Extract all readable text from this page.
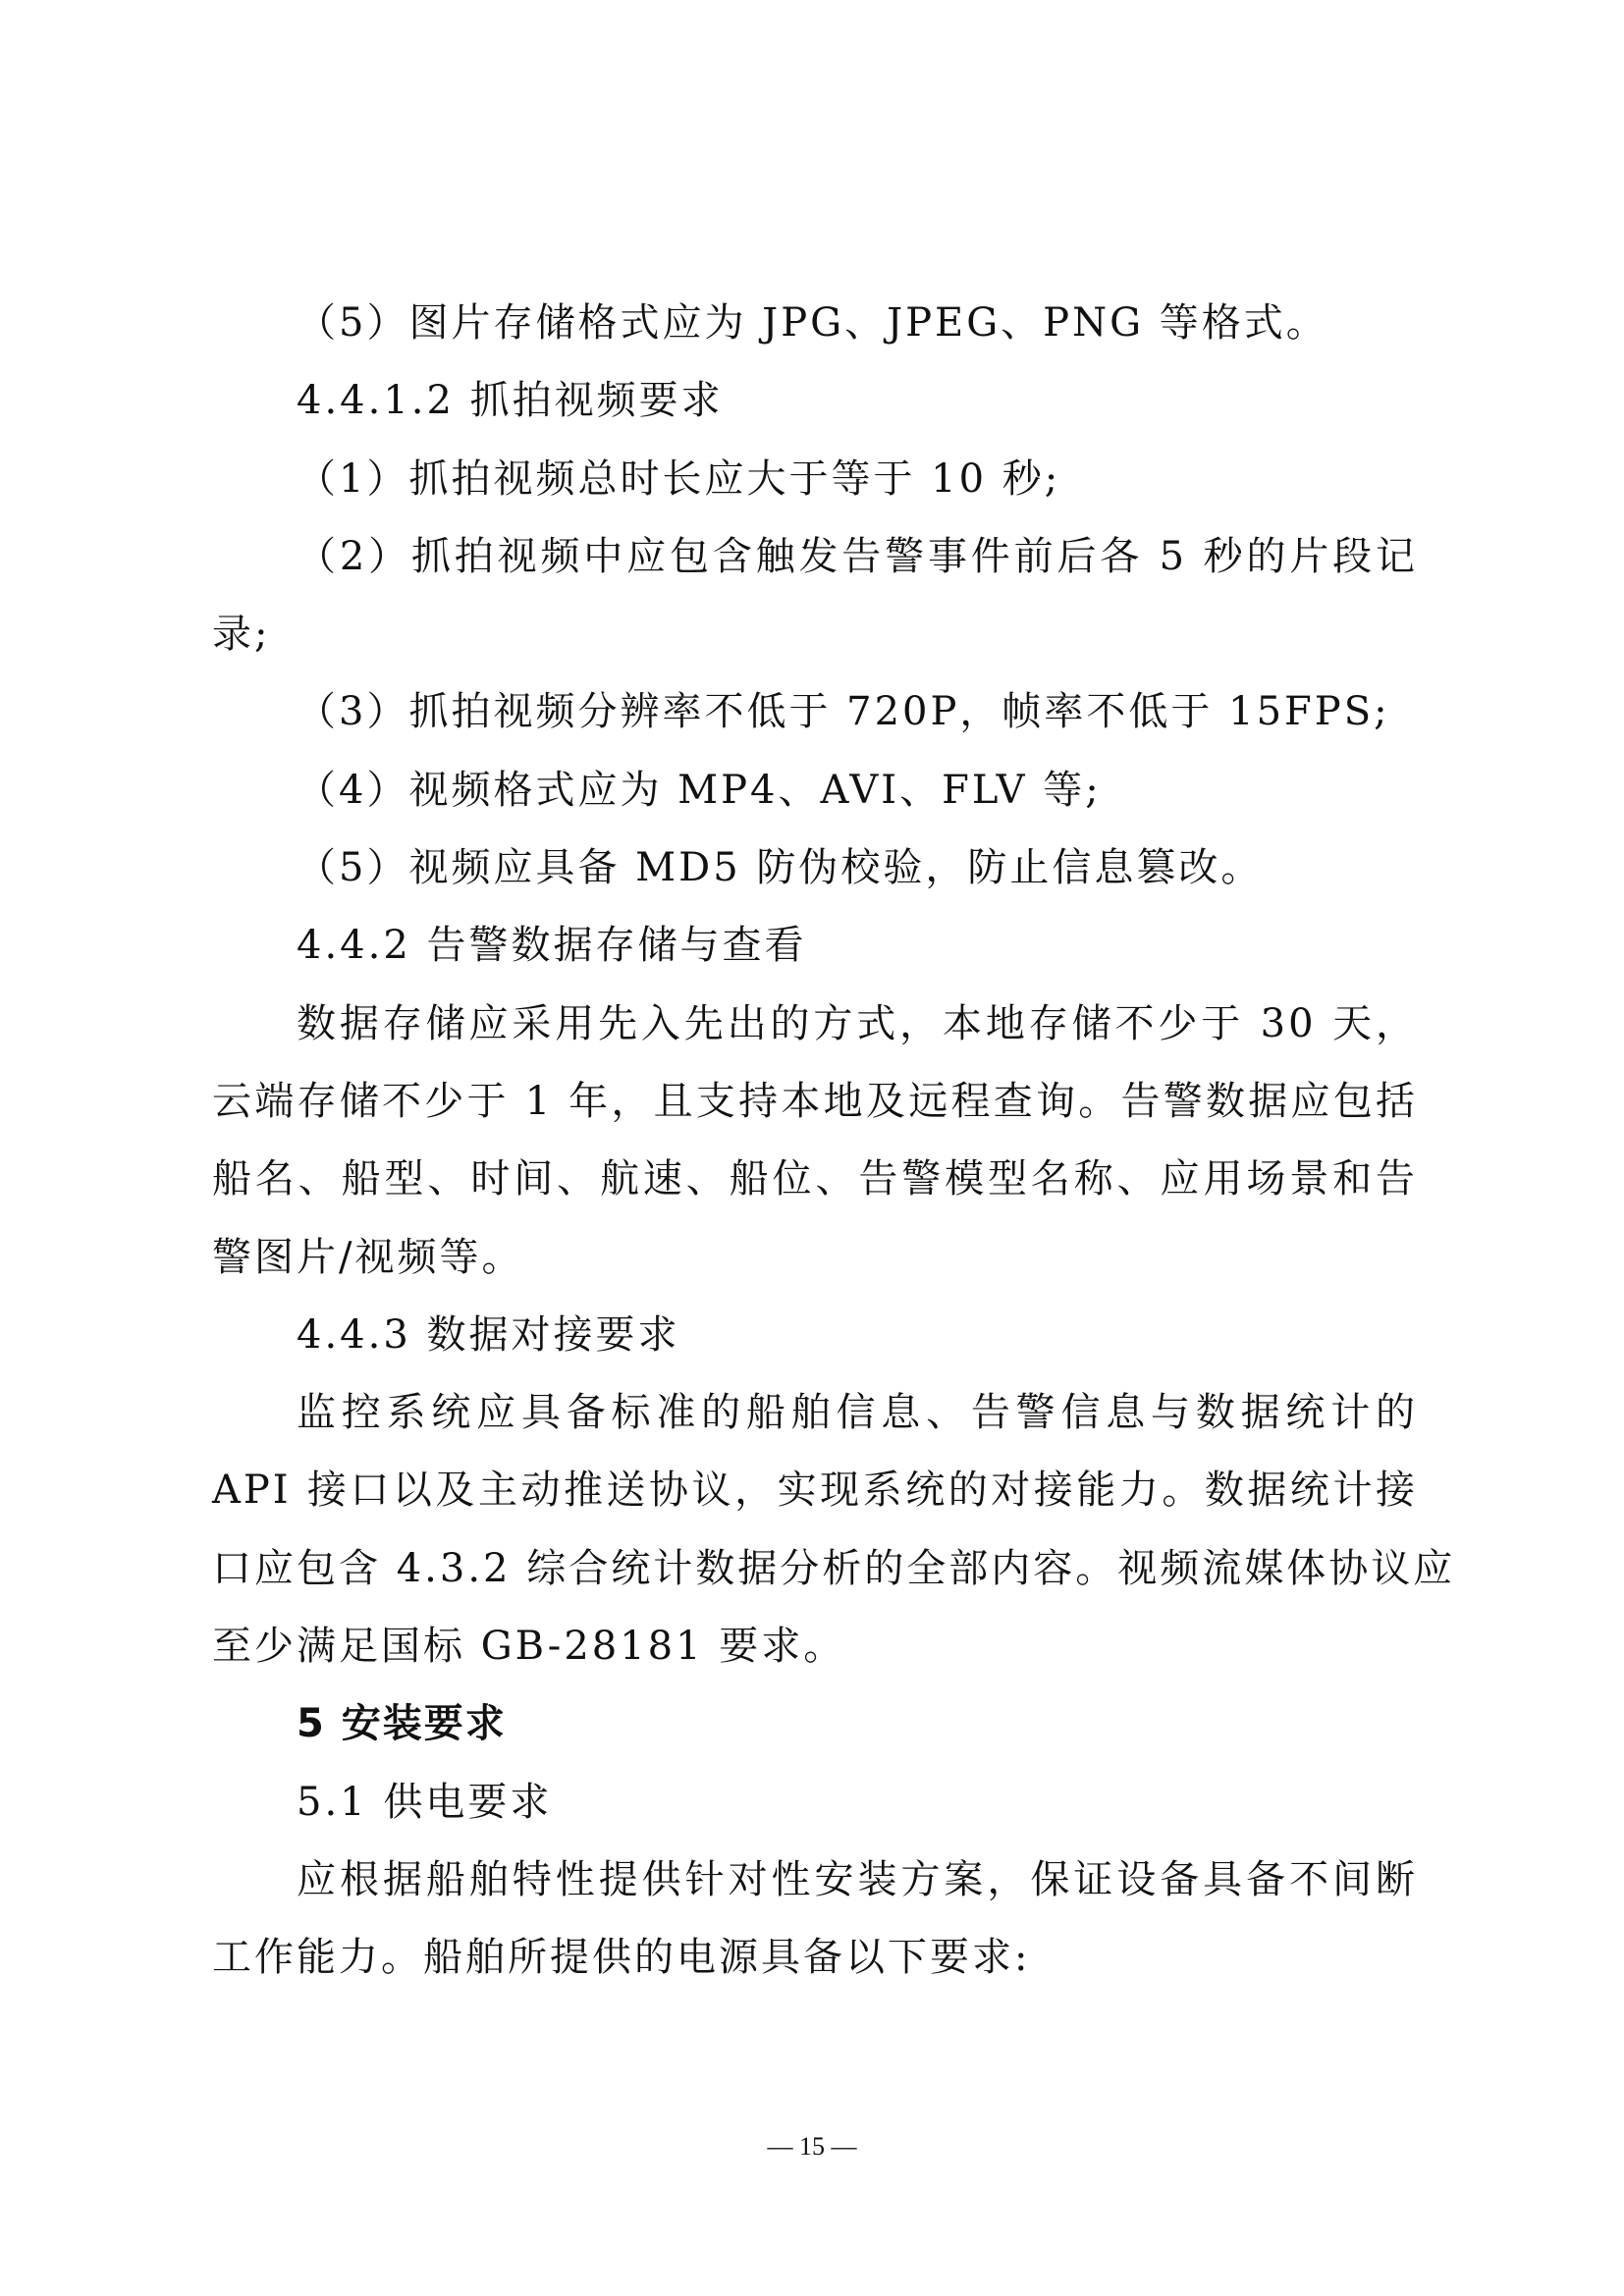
（5）图片存储格式应为 JPG、JPEG、PNG 等格式。
4.4.1.2 抓拍视频要求
（1）抓拍视频总时长应大于等于 10 秒;
（2）抓拍视频中应包含触发告警事件前后各 5 秒的片段记
录;
（3）抓拍视频分辨率不低于 720P，帧率不低于 15FPS;
（4）视频格式应为 MP4、AVI、FLV 等;
（5）视频应具备 MD5 防伪校验，防止信息篡改。
4.4.2 告警数据存储与查看
数据存储应采用先入先出的方式，本地存储不少于 30 天，
云端存储不少于 1 年，且支持本地及远程查询。告警数据应包括
船名、船型、时间、航速、船位、告警模型名称、应用场景和告
警图片/视频等。
4.4.3 数据对接要求
监控系统应具备标准的船舶信息、告警信息与数据统计的
API 接口以及主动推送协议，实现系统的对接能力。数据统计接
口应包含 4.3.2 综合统计数据分析的全部内容。视频流媒体协议应
至少满足国标 GB-28181 要求。
5 安装要求
5.1 供电要求
应根据船舶特性提供针对性安装方案，保证设备具备不间断
工作能力。船舶所提供的电源具备以下要求:
— 15 —
